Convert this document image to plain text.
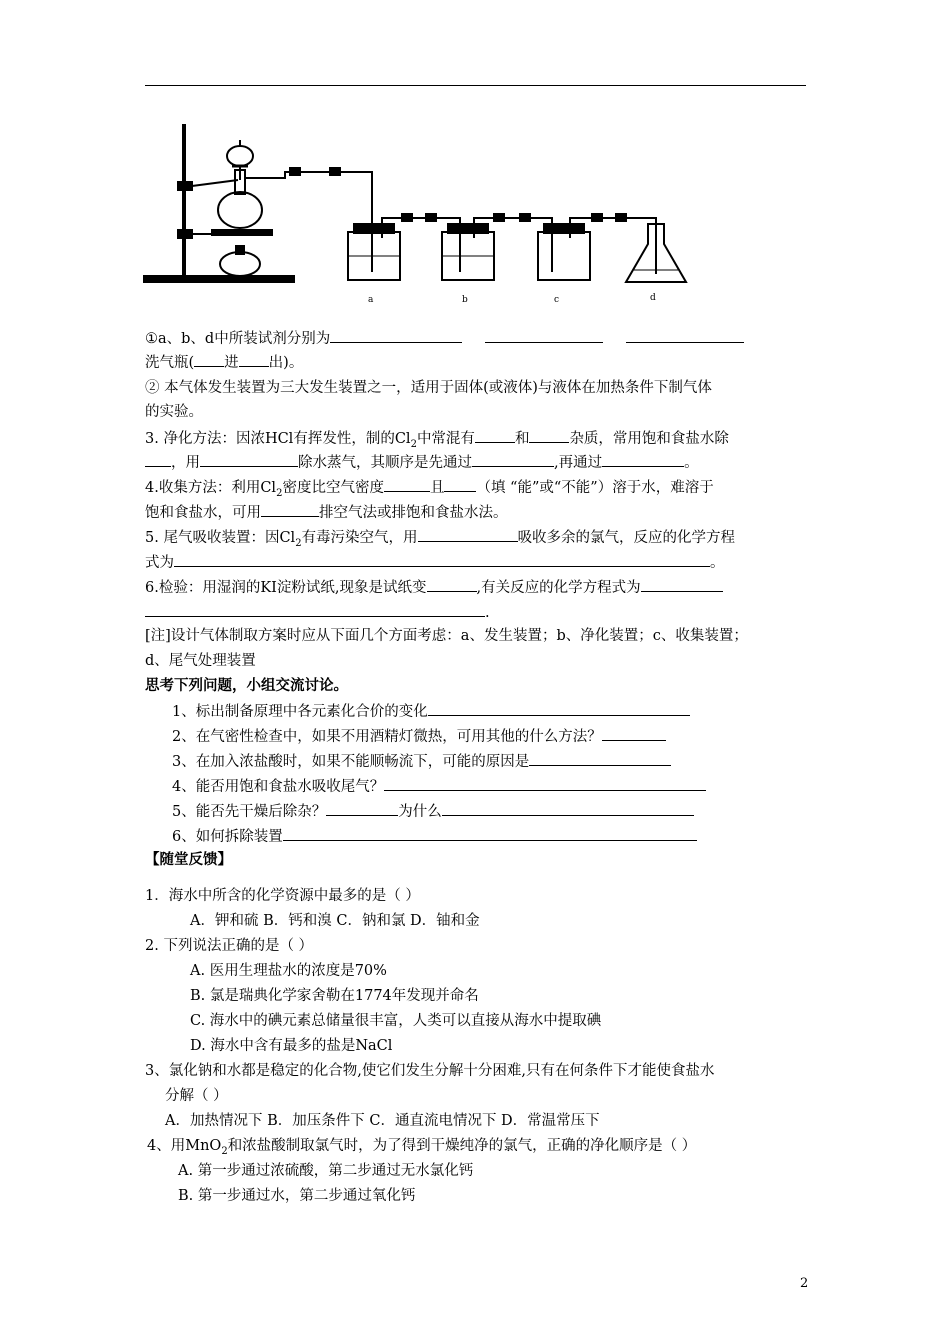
a	b	c	d
①a、b、d中所装试剂分别为
洗气瓶( 进 出)。
② 本气体发生装置为三大发生装置之一，适用于固体(或液体)与液体在加热条件下制气体
的实验。
3. 净化方法：因浓HCl有挥发性，制的$Cl_2$中常混有	和	杂质，常用饱和食盐水除
，用	除水蒸气，其顺序是先通过	,再通过	。
4.收集方法：利用$Cl_2$密度比空气密度	且 （填 “能”或“不能”）溶于水，难溶于
饱和食盐水，可用	排空气法或排饱和食盐水法。
5. 尾气吸收装置：因$Cl_2$有毒污染空气，用	吸收多余的氯气，反应的化学方程
式为	。
6.检验：用湿润的KI淀粉试纸,现象是试纸变	,有关反应的化学方程式为
.
[注]设计气体制取方案时应从下面几个方面考虑：a、发生装置；b、净化装置；c、收集装置；
d、尾气处理装置
思考下列问题，小组交流讨论。
1、标出制备原理中各元素化合价的变化
2、在气密性检查中，如果不用酒精灯微热，可用其他的什么方法？
3、在加入浓盐酸时，如果不能顺畅流下，可能的原因是
4、能否用饱和食盐水吸收尾气？
5、能否先干燥后除杂？	为什么
6、如何拆除装置
【随堂反馈】
1．海水中所含的化学资源中最多的是（ ）
A．钾和硫 B．钙和溴 C．钠和氯 D．铀和金
2. 下列说法正确的是（ ）
A. 医用生理盐水的浓度是70%
B. 氯是瑞典化学家舍勒在1774年发现并命名
C. 海水中的碘元素总储量很丰富，人类可以直接从海水中提取碘
D. 海水中含有最多的盐是NaCl
3、氯化钠和水都是稳定的化合物,使它们发生分解十分困难,只有在何条件下才能使食盐水
分解（ ）
A．加热情况下 B．加压条件下 C．通直流电情况下 D．常温常压下
4、用MnO$_2$和浓盐酸制取氯气时，为了得到干燥纯净的氯气，正确的净化顺序是（ ）
A. 第一步通过浓硫酸，第二步通过无水氯化钙
B. 第一步通过水，第二步通过氧化钙
2
